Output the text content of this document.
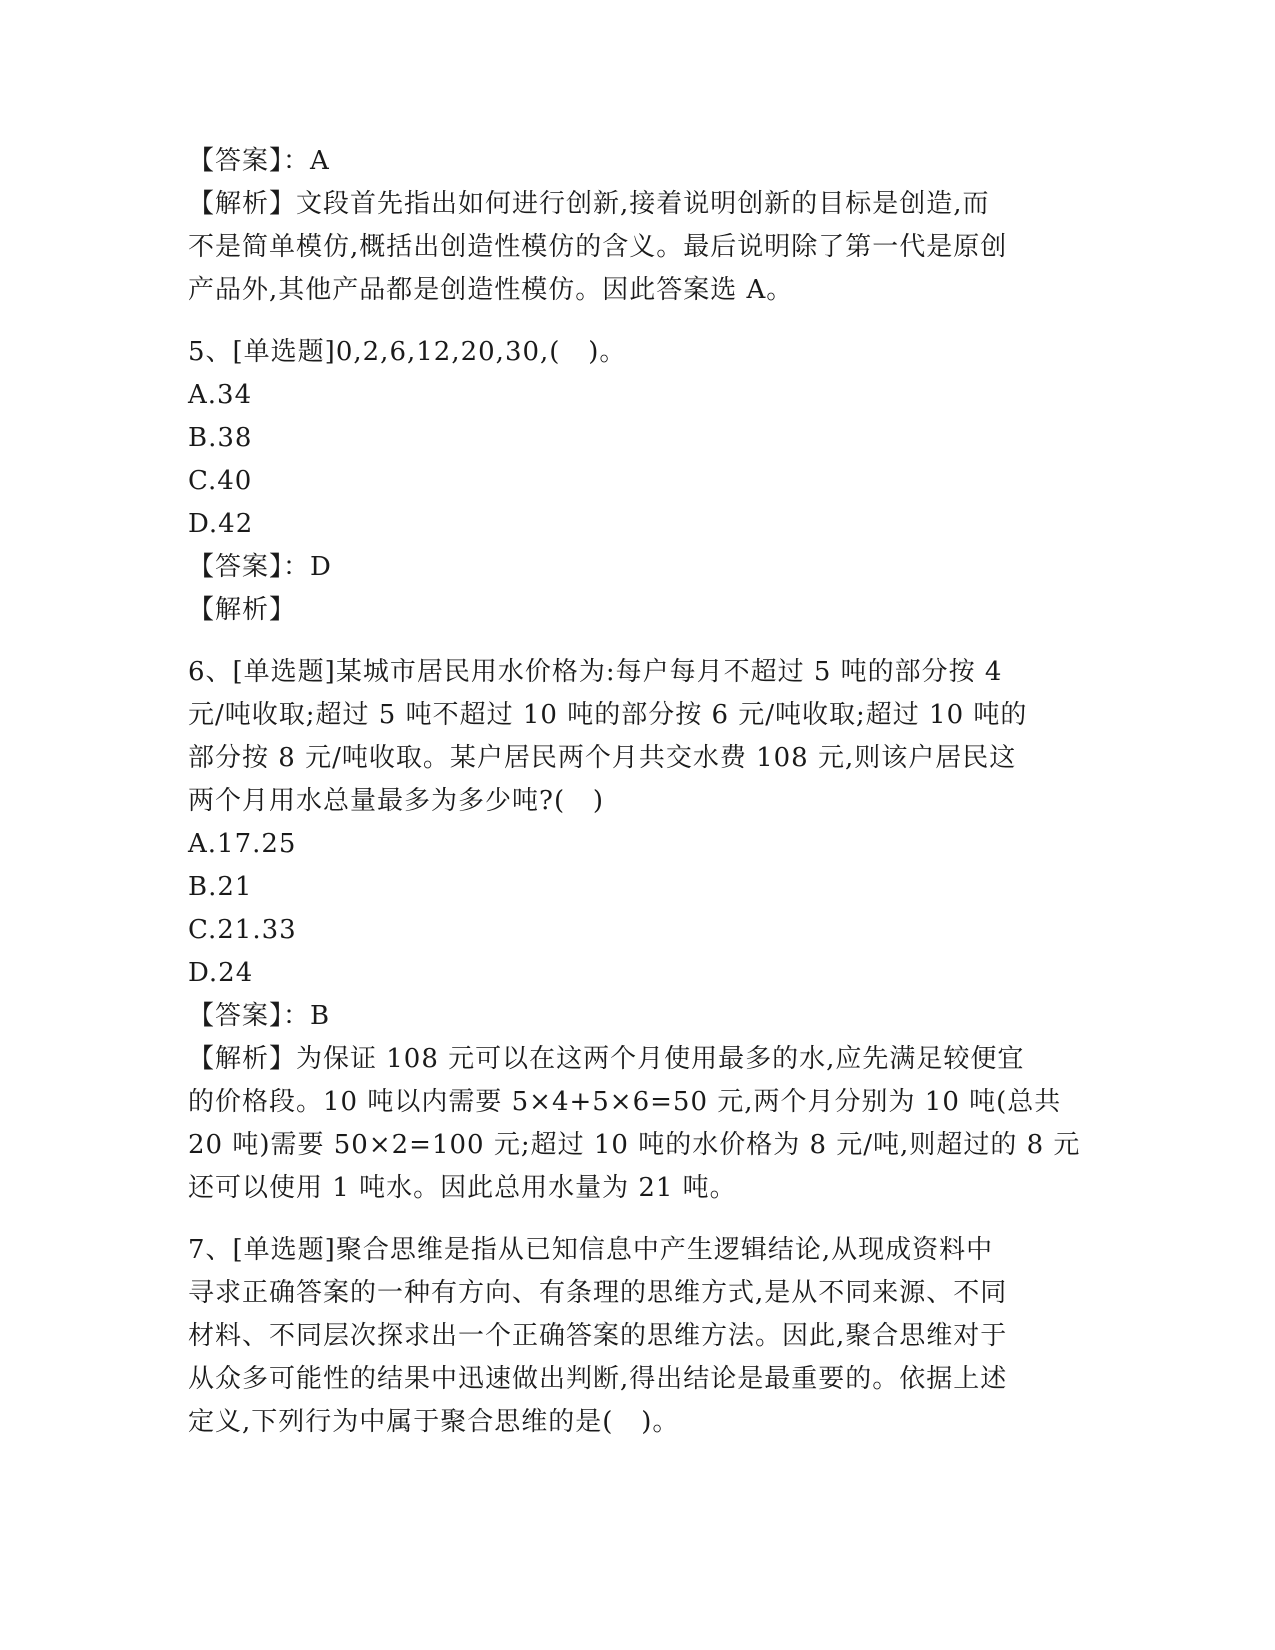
【答案】：A
【解析】文段首先指出如何进行创新,接着说明创新的目标是创造,而
不是简单模仿,概括出创造性模仿的含义。最后说明除了第一代是原创
产品外,其他产品都是创造性模仿。因此答案选 A。
5、[单选题]0,2,6,12,20,30,(   )。
A.34
B.38
C.40
D.42
【答案】：D
【解析】
6、[单选题]某城市居民用水价格为:每户每月不超过 5 吨的部分按 4
元/吨收取;超过 5 吨不超过 10 吨的部分按 6 元/吨收取;超过 10 吨的
部分按 8 元/吨收取。某户居民两个月共交水费 108 元,则该户居民这
两个月用水总量最多为多少吨?(   )
A.17.25
B.21
C.21.33
D.24
【答案】：B
【解析】为保证 108 元可以在这两个月使用最多的水,应先满足较便宜
的价格段。10 吨以内需要 5×4+5×6=50 元,两个月分别为 10 吨(总共
20 吨)需要 50×2=100 元;超过 10 吨的水价格为 8 元/吨,则超过的 8 元
还可以使用 1 吨水。因此总用水量为 21 吨。
7、[单选题]聚合思维是指从已知信息中产生逻辑结论,从现成资料中
寻求正确答案的一种有方向、有条理的思维方式,是从不同来源、不同
材料、不同层次探求出一个正确答案的思维方法。因此,聚合思维对于
从众多可能性的结果中迅速做出判断,得出结论是最重要的。依据上述
定义,下列行为中属于聚合思维的是(   )。
